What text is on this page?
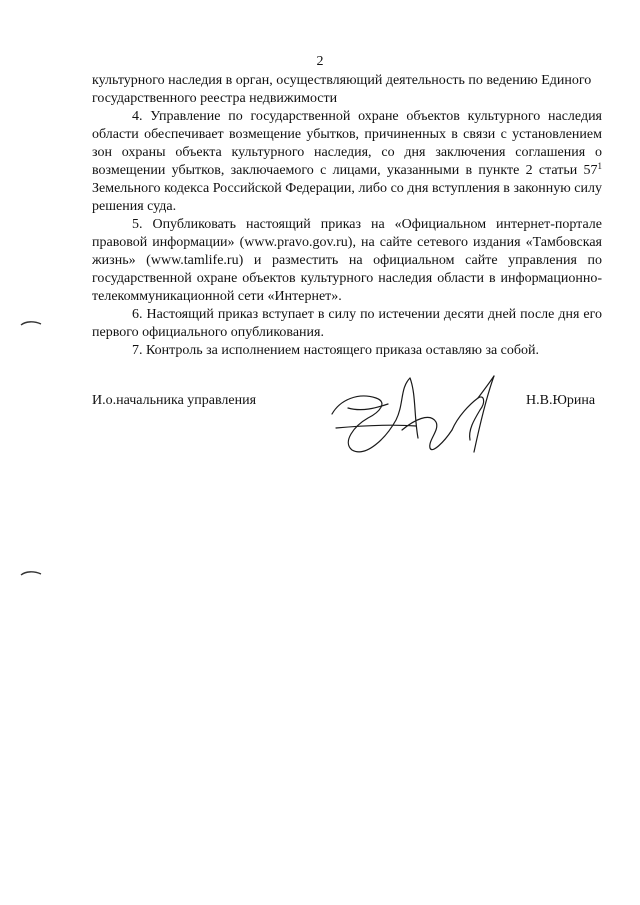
2

культурного наследия в орган, осуществляющий деятельность по ведению Единого государственного реестра недвижимости

4. Управление по государственной охране объектов культурного наследия области обеспечивает возмещение убытков, причиненных в связи с установлением зон охраны объекта культурного наследия, со дня заключения соглашения о возмещении убытков, заключаемого с лицами, указанными в пункте 2 статьи $57^1$ Земельного кодекса Российской Федерации, либо со дня вступления в законную силу решения суда.

5. Опубликовать настоящий приказ на «Официальном интернет-портале правовой информации» (www.pravo.gov.ru), на сайте сетевого издания «Тамбовская жизнь» (www.tamlife.ru) и разместить на официальном сайте управления по государственной охране объектов культурного наследия области в информационно-телекоммуникационной сети «Интернет».

6. Настоящий приказ вступает в силу по истечении десяти дней после дня его первого официального опубликования.

7. Контроль за исполнением настоящего приказа оставляю за собой.

И.о.начальника управления	Н.В.Юрина
